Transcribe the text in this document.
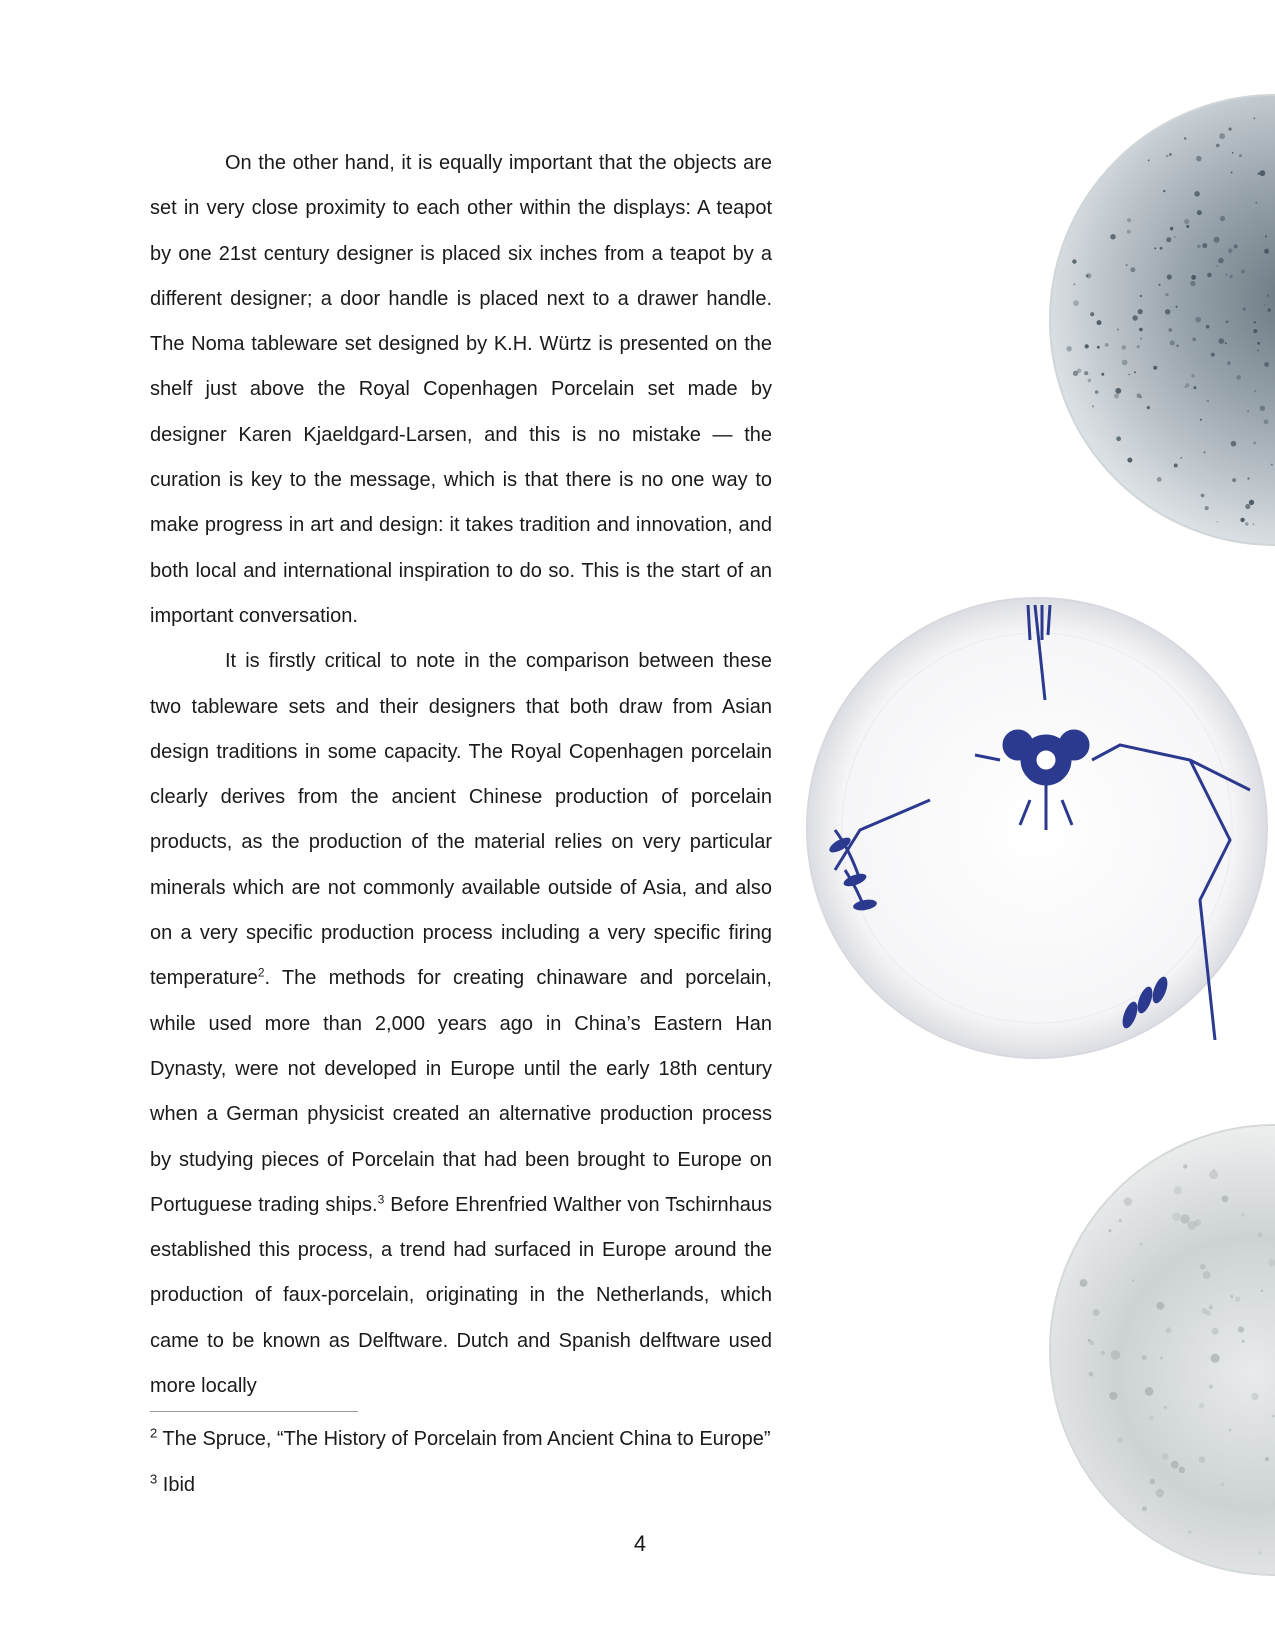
On the other hand, it is equally important that the objects are set in very close proximity to each other within the displays: A teapot by one 21st century designer is placed six inches from a teapot by a different designer; a door handle is placed next to a drawer handle. The Noma tableware set designed by K.H. Würtz is presented on the shelf just above the Royal Copenhagen Porcelain set made by designer Karen Kjaeldgard-Larsen, and this is no mistake — the curation is key to the message, which is that there is no one way to make progress in art and design: it takes tradition and innovation, and both local and international inspiration to do so. This is the start of an important conversation.

It is firstly critical to note in the comparison between these two tableware sets and their designers that both draw from Asian design traditions in some capacity. The Royal Copenhagen porcelain clearly derives from the ancient Chinese production of porcelain products, as the production of the material relies on very particular minerals which are not commonly available outside of Asia, and also on a very specific production process including a very specific firing temperature$^2$. The methods for creating chinaware and porcelain, while used more than 2,000 years ago in China’s Eastern Han Dynasty, were not developed in Europe until the early 18th century when a German physicist created an alternative production process by studying pieces of Porcelain that had been brought to Europe on Portuguese trading ships.$^3$ Before Ehrenfried Walther von Tschirnhaus established this process, a trend had surfaced in Europe around the production of faux-porcelain, originating in the Netherlands, which came to be known as Delftware. Dutch and Spanish delftware used more locally

$^2$ The Spruce, “The History of Porcelain from Ancient China to Europe”
$^3$ Ibid
4
